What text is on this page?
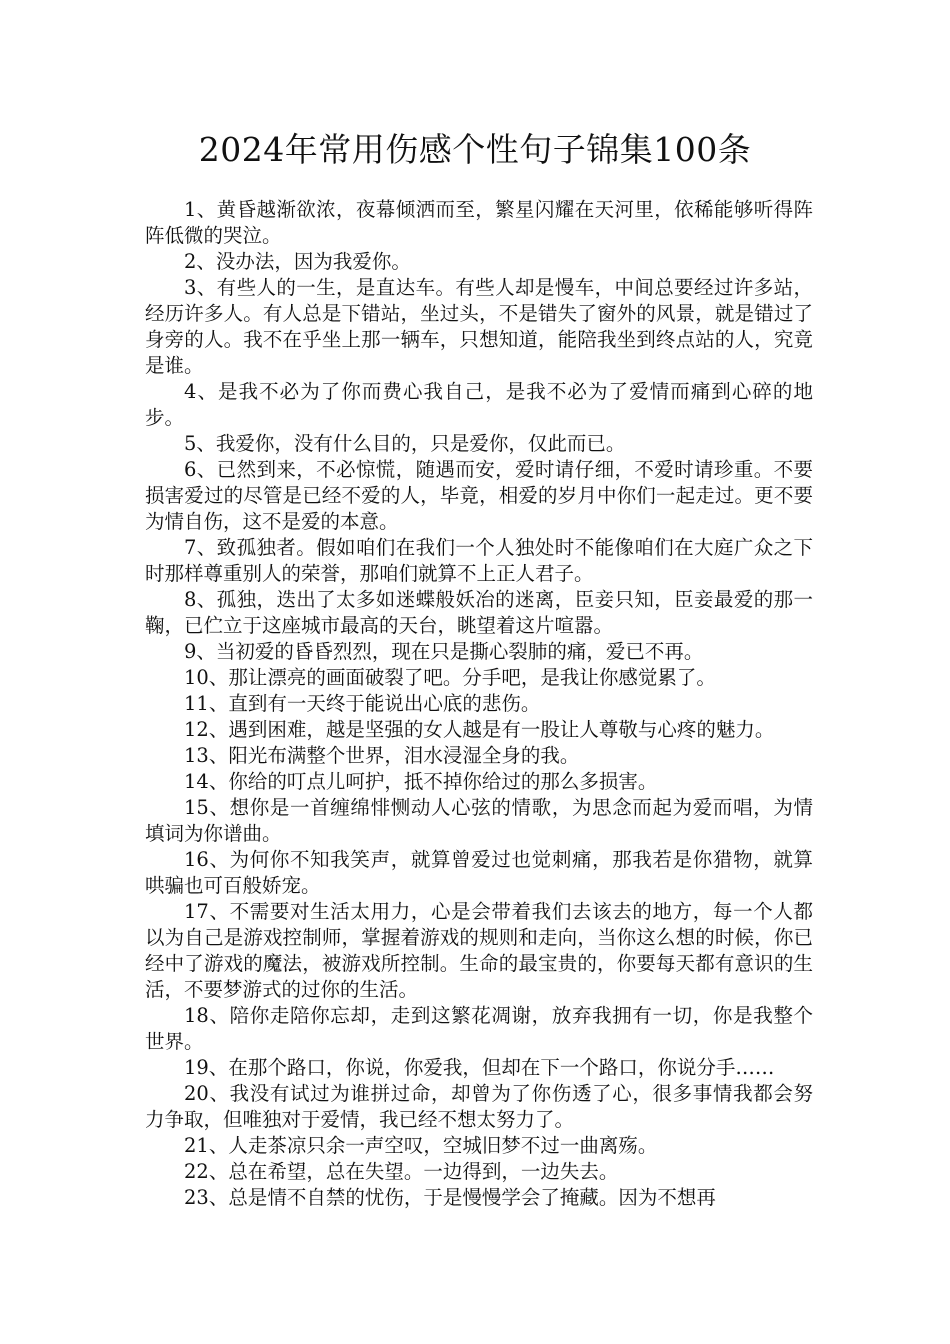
2024年常用伤感个性句子锦集100条

1、黄昏越渐欲浓，夜幕倾洒而至，繁星闪耀在天河里，依稀能够听得阵阵低微的哭泣。

2、没办法，因为我爱你。

3、有些人的一生，是直达车。有些人却是慢车，中间总要经过许多站，经历许多人。有人总是下错站，坐过头，不是错失了窗外的风景，就是错过了身旁的人。我不在乎坐上那一辆车，只想知道，能陪我坐到终点站的人，究竟是谁。

4、是我不必为了你而费心我自己，是我不必为了爱情而痛到心碎的地步。

5、我爱你，没有什么目的，只是爱你，仅此而已。

6、已然到来，不必惊慌，随遇而安，爱时请仔细，不爱时请珍重。不要损害爱过的尽管是已经不爱的人，毕竟，相爱的岁月中你们一起走过。更不要为情自伤，这不是爱的本意。

7、致孤独者。假如咱们在我们一个人独处时不能像咱们在大庭广众之下时那样尊重别人的荣誉，那咱们就算不上正人君子。

8、孤独，迭出了太多如迷蝶般妖冶的迷离，臣妾只知，臣妾最爱的那一鞠，已伫立于这座城市最高的天台，眺望着这片喧嚣。

9、当初爱的昏昏烈烈，现在只是撕心裂肺的痛，爱已不再。

10、那让漂亮的画面破裂了吧。分手吧，是我让你感觉累了。

11、直到有一天终于能说出心底的悲伤。

12、遇到困难，越是坚强的女人越是有一股让人尊敬与心疼的魅力。

13、阳光布满整个世界，泪水浸湿全身的我。

14、你给的叮点儿呵护，抵不掉你给过的那么多损害。

15、想你是一首缠绵悱恻动人心弦的情歌，为思念而起为爱而唱，为情填词为你谱曲。

16、为何你不知我笑声，就算曾爱过也觉刺痛，那我若是你猎物，就算哄骗也可百般娇宠。

17、不需要对生活太用力，心是会带着我们去该去的地方，每一个人都以为自己是游戏控制师，掌握着游戏的规则和走向，当你这么想的时候，你已经中了游戏的魔法，被游戏所控制。生命的最宝贵的，你要每天都有意识的生活，不要梦游式的过你的生活。

18、陪你走陪你忘却，走到这繁花凋谢，放弃我拥有一切，你是我整个世界。

19、在那个路口，你说，你爱我，但却在下一个路口，你说分手……

20、我没有试过为谁拼过命，却曾为了你伤透了心，很多事情我都会努力争取，但唯独对于爱情，我已经不想太努力了。

21、人走茶凉只余一声空叹，空城旧梦不过一曲离殇。

22、总在希望，总在失望。一边得到，一边失去。

23、总是情不自禁的忧伤，于是慢慢学会了掩藏。因为不想再
